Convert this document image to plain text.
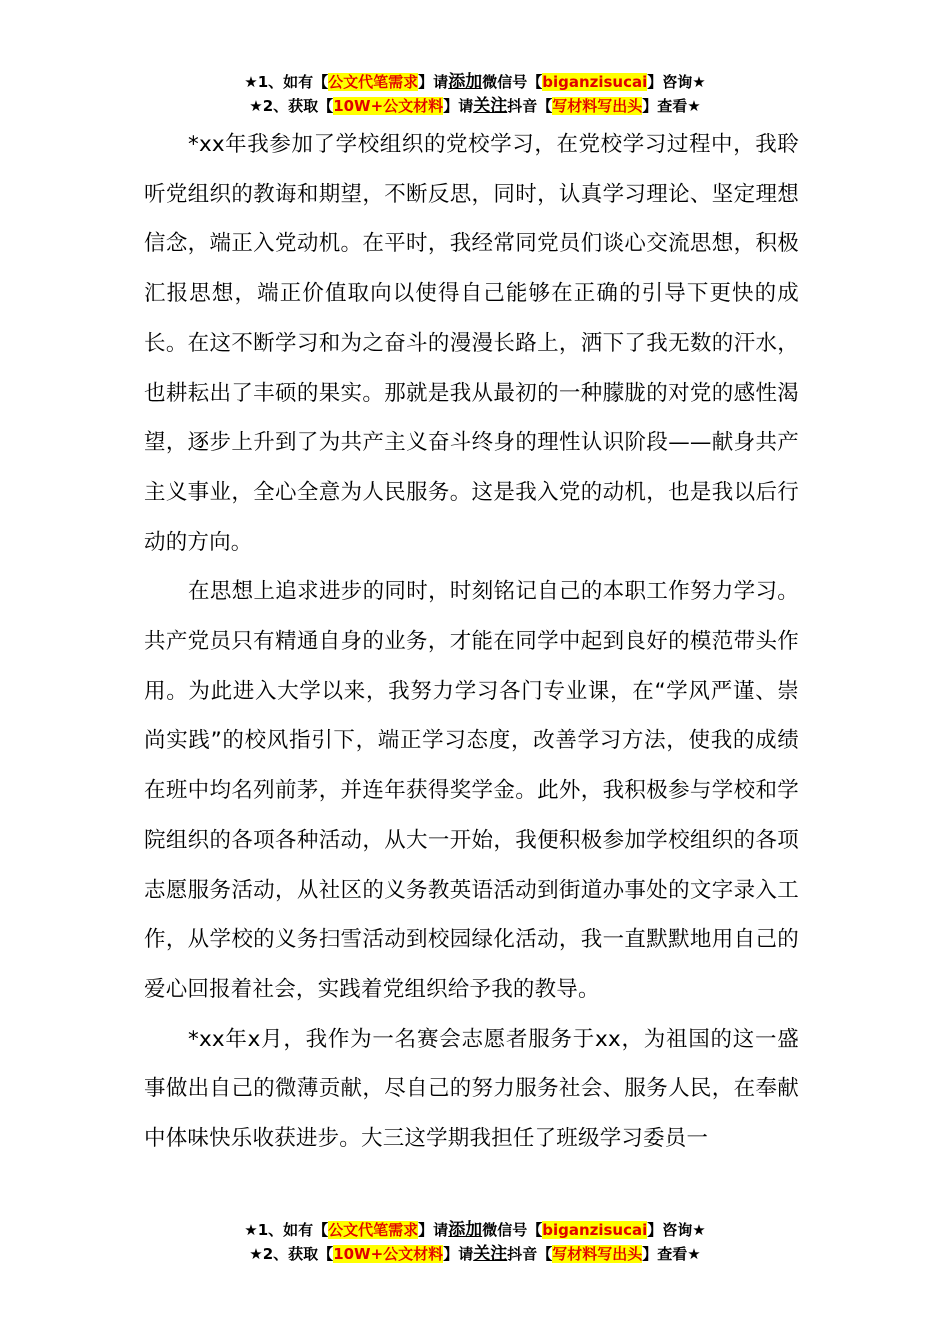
★1、如有【公文代笔需求】请添加微信号【biganzisucai】咨询★
★2、获取【10W+公文材料】请关注抖音【写材料写出头】查看★

*xx年我参加了学校组织的党校学习，在党校学习过程中，我聆听党组织的教诲和期望，不断反思，同时，认真学习理论、坚定理想信念，端正入党动机。在平时，我经常同党员们谈心交流思想，积极汇报思想，端正价值取向以使得自己能够在正确的引导下更快的成长。在这不断学习和为之奋斗的漫漫长路上，洒下了我无数的汗水，也耕耘出了丰硕的果实。那就是我从最初的一种朦胧的对党的感性渴望，逐步上升到了为共产主义奋斗终身的理性认识阶段——献身共产主义事业，全心全意为人民服务。这是我入党的动机，也是我以后行动的方向。

在思想上追求进步的同时，时刻铭记自己的本职工作努力学习。共产党员只有精通自身的业务，才能在同学中起到良好的模范带头作用。为此进入大学以来，我努力学习各门专业课，在“学风严谨、崇尚实践”的校风指引下，端正学习态度，改善学习方法，使我的成绩在班中均名列前茅，并连年获得奖学金。此外，我积极参与学校和学院组织的各项各种活动，从大一开始，我便积极参加学校组织的各项志愿服务活动，从社区的义务教英语活动到街道办事处的文字录入工作，从学校的义务扫雪活动到校园绿化活动，我一直默默地用自己的爱心回报着社会，实践着党组织给予我的教导。

*xx年x月，我作为一名赛会志愿者服务于xx，为祖国的这一盛事做出自己的微薄贡献，尽自己的努力服务社会、服务人民，在奉献中体味快乐收获进步。大三这学期我担任了班级学习委员一

★1、如有【公文代笔需求】请添加微信号【biganzisucai】咨询★
★2、获取【10W+公文材料】请关注抖音【写材料写出头】查看★
